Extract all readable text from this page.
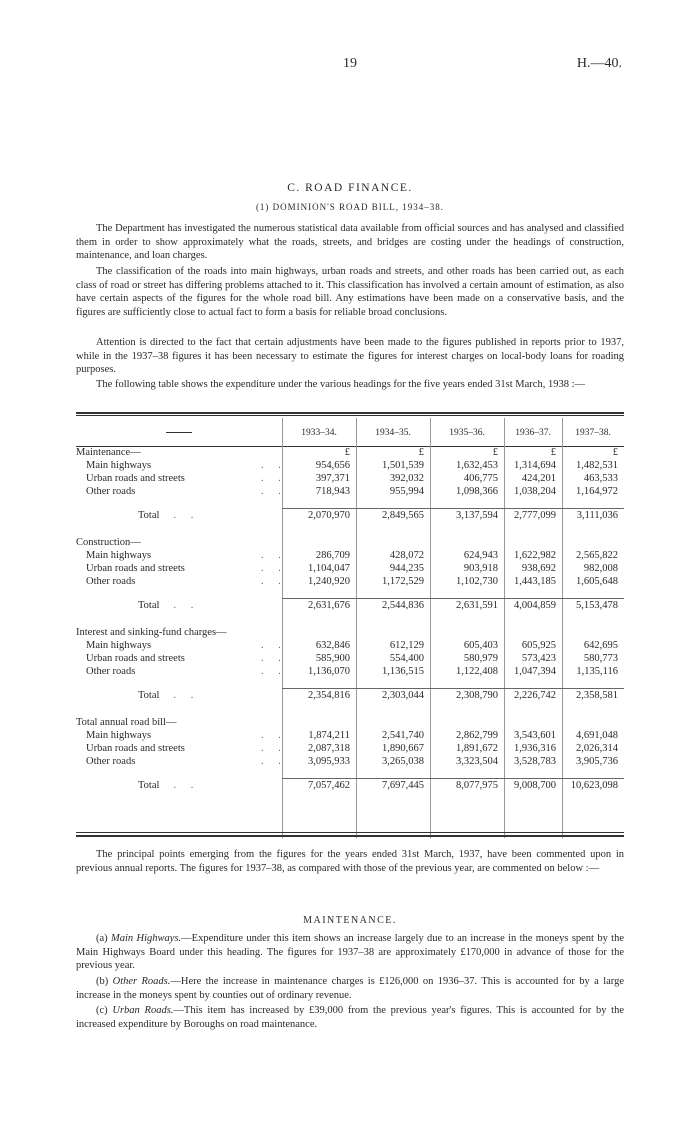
19	H.—40.
C. ROAD FINANCE.
(1) DOMINION'S ROAD BILL, 1934–38.

The Department has investigated the numerous statistical data available from official sources and has analysed and classified them in order to show approximately what the roads, streets, and bridges are costing under the headings of construction, maintenance, and loan charges.

The classification of the roads into main highways, urban roads and streets, and other roads has been carried out, as each class of road or street has differing problems attached to it. This classification has involved a certain amount of estimation, as also have certain aspects of the figures for the whole road bill. Any estimations have been made on a conservative basis, and the figures are sufficiently close to actual fact to form a basis for reliable broad conclusions.

Attention is directed to the fact that certain adjustments have been made to the figures published in reports prior to 1937, while in the 1937–38 figures it has been necessary to estimate the figures for interest charges on local-body loans for roading purposes.

The following table shows the expenditure under the various headings for the five years ended 31st March, 1938 :—

	1933–34.	1934–35.	1935–36.	1936–37.	1937–38.
Maintenance—	£	£	£	£	£
Main highways . .	954,656	1,501,539	1,632,453	1,314,694	1,482,531
Urban roads and streets . .	397,371	392,032	406,775	424,201	463,533
Other roads . .	718,943	955,994	1,098,366	1,038,204	1,164,972

Total . .	2,070,970	2,849,565	3,137,594	2,777,099	3,111,036

Construction—					
Main highways . .	286,709	428,072	624,943	1,622,982	2,565,822
Urban roads and streets . .	1,104,047	944,235	903,918	938,692	982,008
Other roads . .	1,240,920	1,172,529	1,102,730	1,443,185	1,605,648

Total . .	2,631,676	2,544,836	2,631,591	4,004,859	5,153,478

Interest and sinking-fund charges—					
Main highways . .	632,846	612,129	605,403	605,925	642,695
Urban roads and streets . .	585,900	554,400	580,979	573,423	580,773
Other roads . .	1,136,070	1,136,515	1,122,408	1,047,394	1,135,116

Total . .	2,354,816	2,303,044	2,308,790	2,226,742	2,358,581

Total annual road bill—					
Main highways . .	1,874,211	2,541,740	2,862,799	3,543,601	4,691,048
Urban roads and streets . .	2,087,318	1,890,667	1,891,672	1,936,316	2,026,314
Other roads . .	3,095,933	3,265,038	3,323,504	3,528,783	3,905,736

Total . .	7,057,462	7,697,445	8,077,975	9,008,700	10,623,098

The principal points emerging from the figures for the years ended 31st March, 1937, have been commented upon in previous annual reports. The figures for 1937–38, as compared with those of the previous year, are commented on below :—

MAINTENANCE.

(a) Main Highways.—Expenditure under this item shows an increase largely due to an increase in the moneys spent by the Main Highways Board under this heading. The figures for 1937–38 are approximately £170,000 in advance of those for the previous year.

(b) Other Roads.—Here the increase in maintenance charges is £126,000 on 1936–37. This is accounted for by a large increase in the moneys spent by counties out of ordinary revenue.

(c) Urban Roads.—This item has increased by £39,000 from the previous year's figures. This is accounted for by the increased expenditure by Boroughs on road maintenance.
